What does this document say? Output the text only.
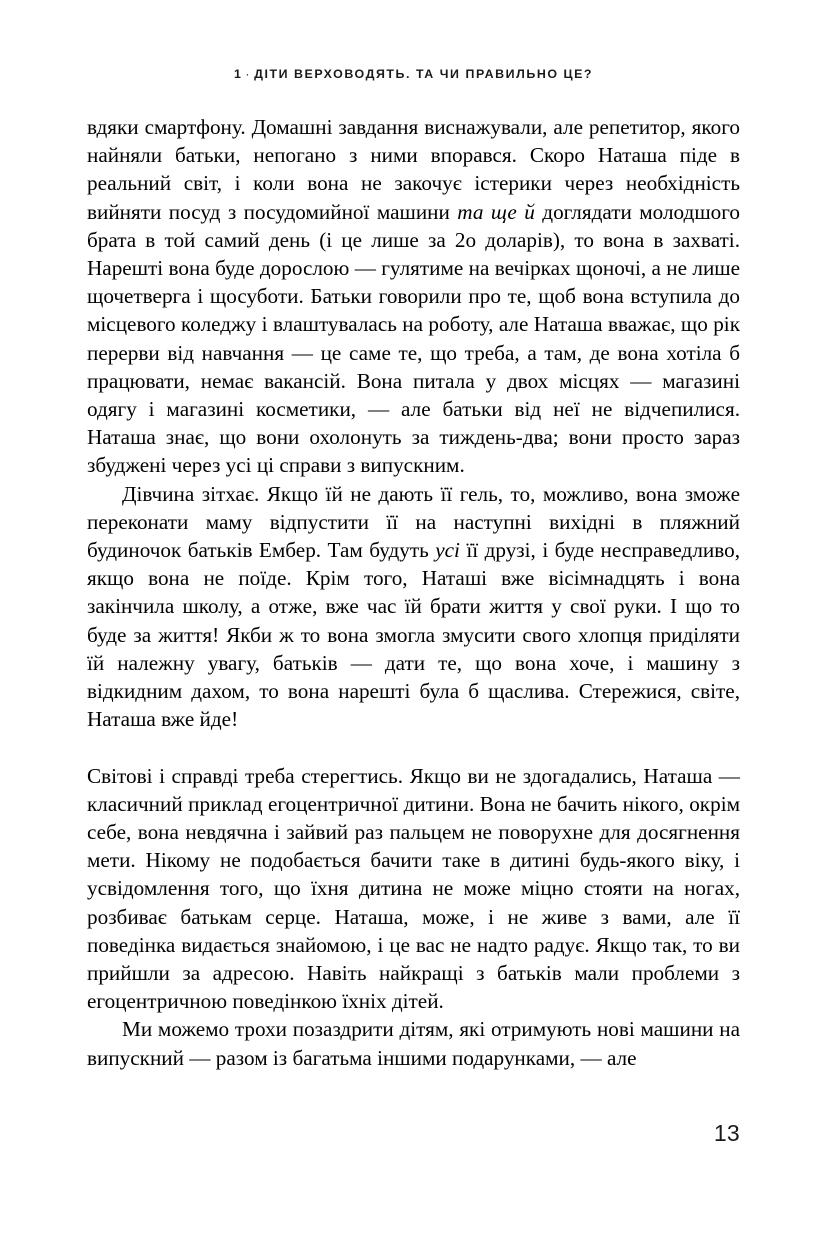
1 · ДІТИ ВЕРХОВОДЯТЬ. ТА ЧИ ПРАВИЛЬНО ЦЕ?

вдяки смартфону. Домашні завдання виснажували, але репетитор, якого найняли батьки, непогано з ними впорався. Скоро Наташа піде в реальний світ, і коли вона не закочує істерики через необхідність вийняти посуд з посудомийної машини та ще й доглядати молодшого брата в той самий день (і це лише за 2о доларів), то вона в захваті. Нарешті вона буде дорослою — гулятиме на вечірках щоночі, а не лише щочетверга і щосуботи. Батьки говорили про те, щоб вона вступила до місцевого коледжу і влаштувалась на роботу, але Наташа вважає, що рік перерви від навчання — це саме те, що треба, а там, де вона хотіла б працювати, немає вакансій. Вона питала у двох місцях — магазині одягу і магазині косметики, — але батьки від неї не відчепилися. Наташа знає, що вони охолонуть за тиждень-два; вони просто зараз збуджені через усі ці справи з випускним.

Дівчина зітхає. Якщо їй не дають її гель, то, можливо, вона зможе переконати маму відпустити її на наступні вихідні в пляжний будиночок батьків Ембер. Там будуть усі її друзі, і буде несправедливо, якщо вона не поїде. Крім того, Наташі вже вісімнадцять і вона закінчила школу, а отже, вже час їй брати життя у свої руки. І що то буде за життя! Якби ж то вона змогла змусити свого хлопця приділяти їй належну увагу, батьків — дати те, що вона хоче, і машину з відкидним дахом, то вона нарешті була б щаслива. Стережися, світе, Наташа вже йде!

Світові і справді треба стерегтись. Якщо ви не здогадались, Наташа — класичний приклад егоцентричної дитини. Вона не бачить нікого, окрім себе, вона невдячна і зайвий раз пальцем не поворухне для досягнення мети. Нікому не подобається бачити таке в дитині будь-якого віку, і усвідомлення того, що їхня дитина не може міцно стояти на ногах, розбиває батькам серце. Наташа, може, і не живе з вами, але її поведінка видається знайомою, і це вас не надто радує. Якщо так, то ви прийшли за адресою. Навіть найкращі з батьків мали проблеми з егоцентричною поведінкою їхніх дітей.

Ми можемо трохи позаздрити дітям, які отримують нові машини на випускний — разом із багатьма іншими подарунками, — але

13
